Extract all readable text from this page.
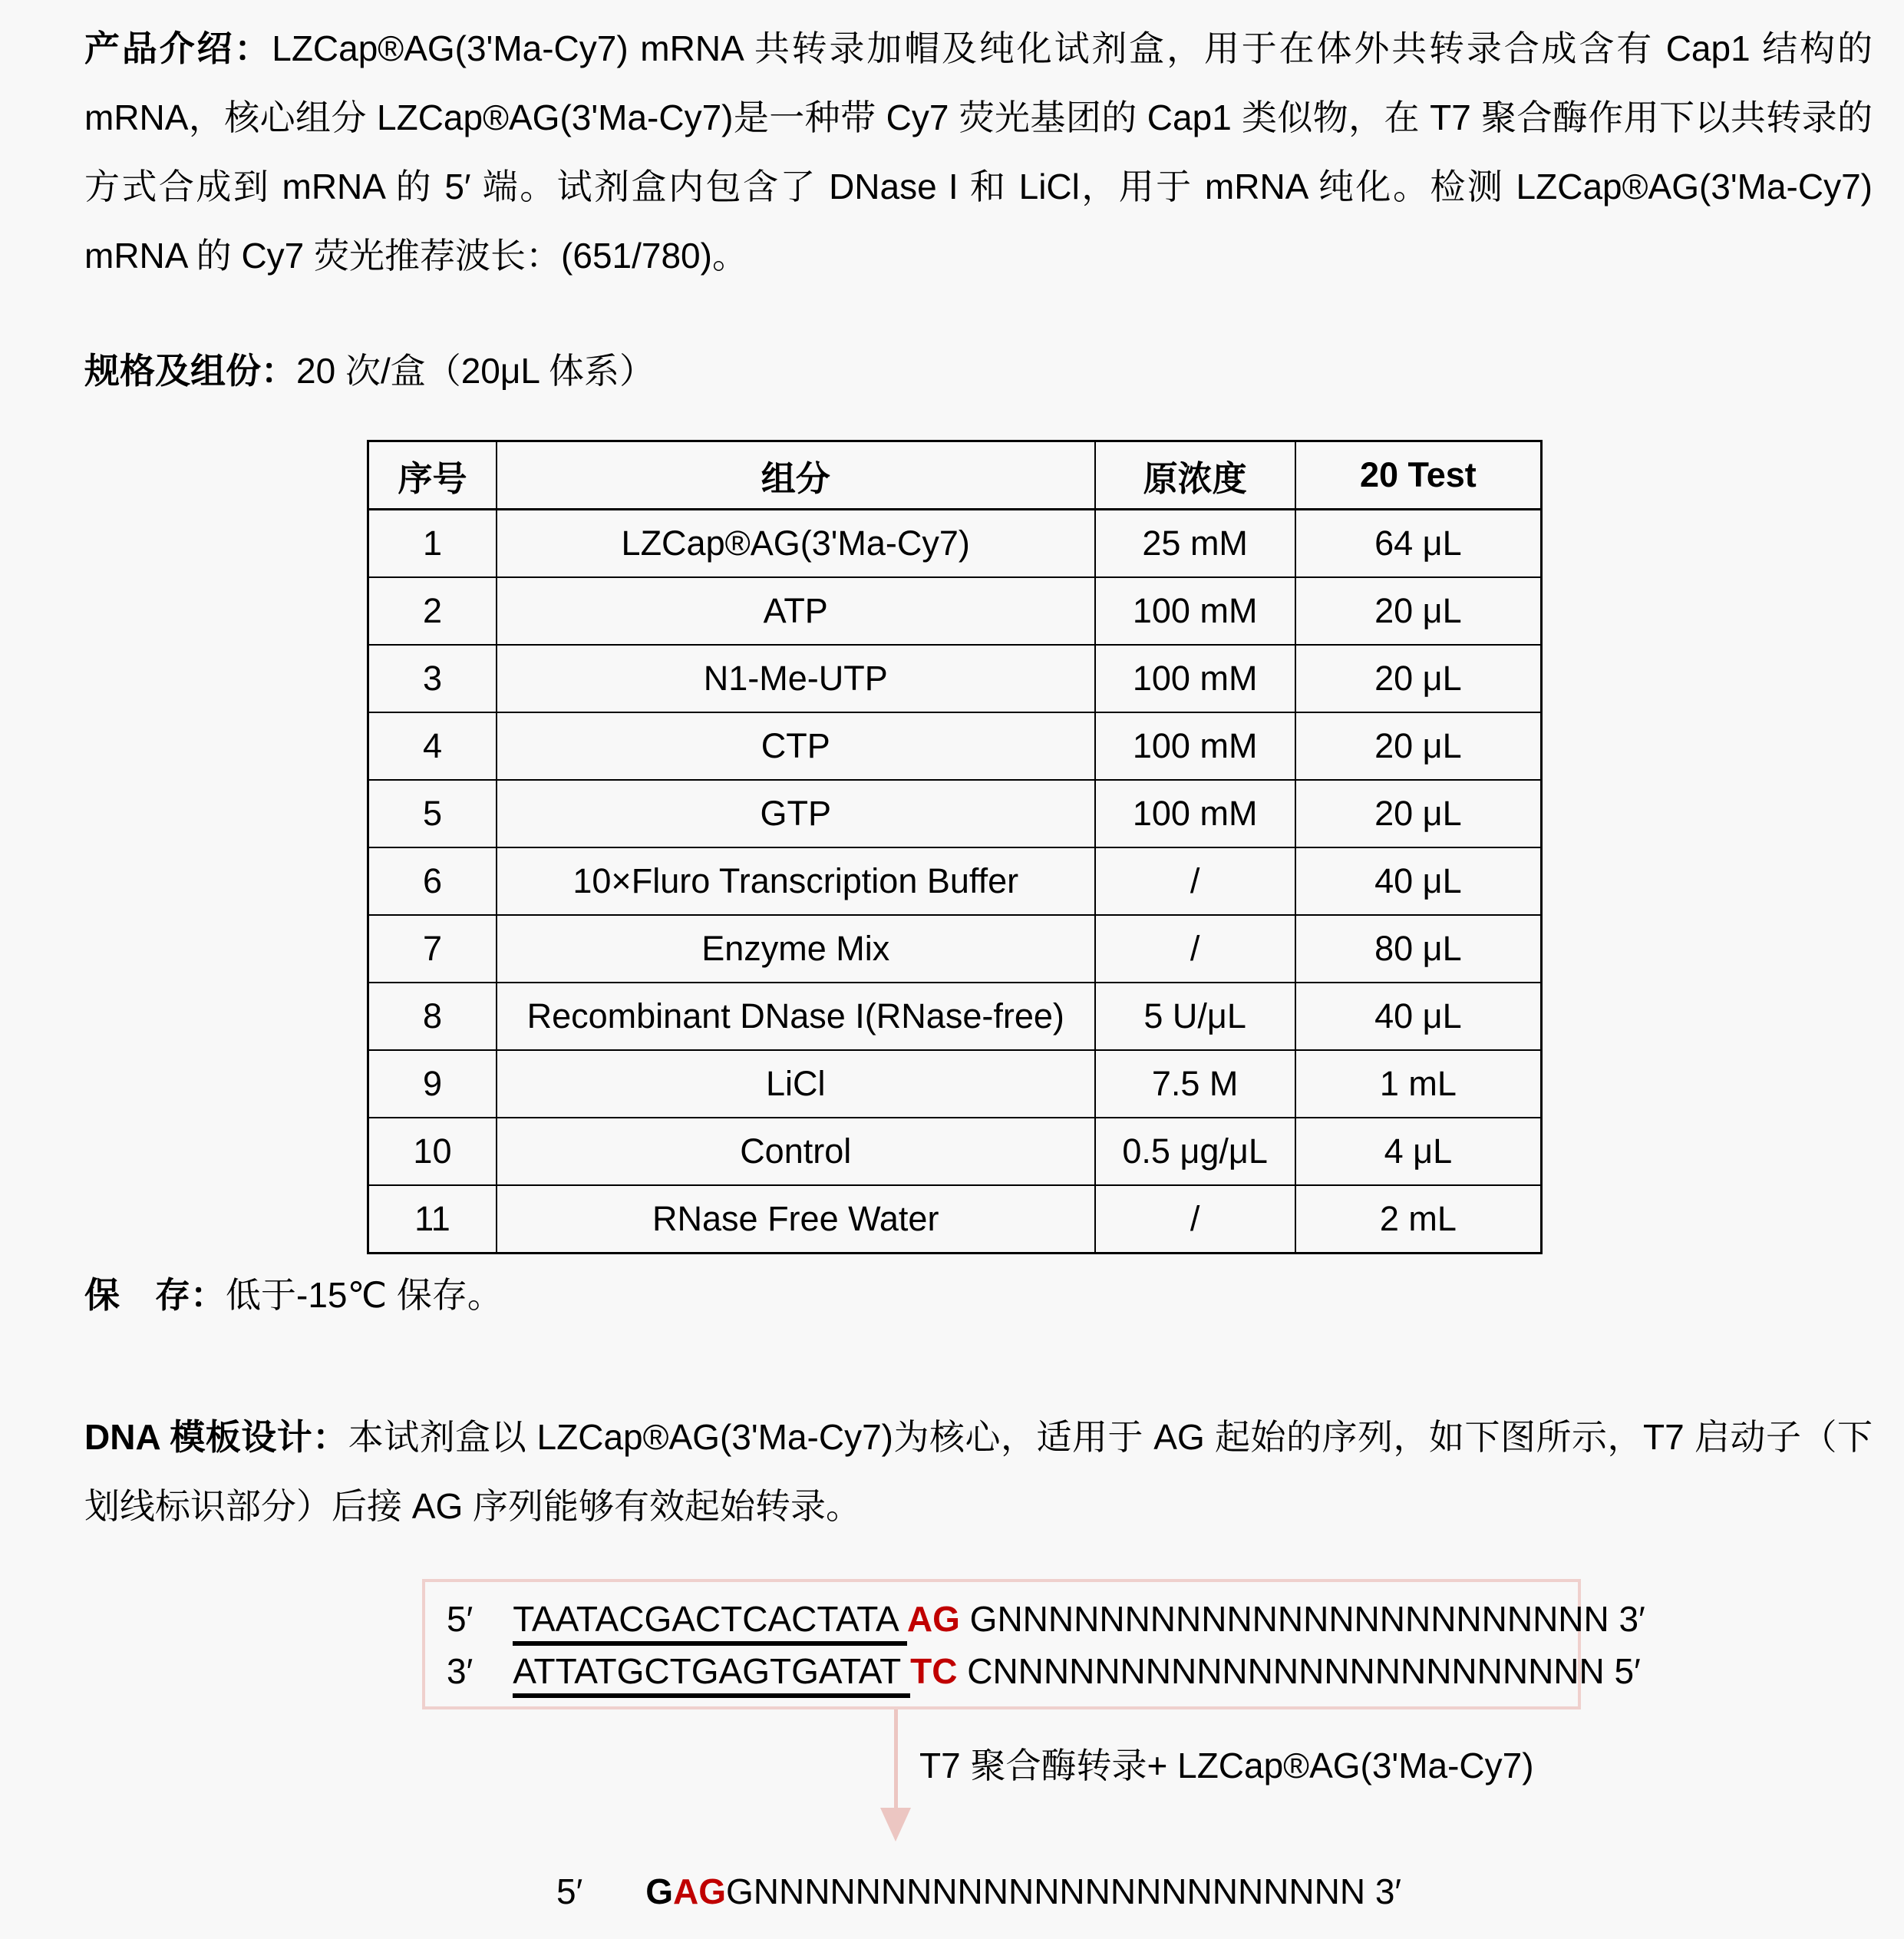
产品介绍：LZCap®AG(3'Ma-Cy7) mRNA 共转录加帽及纯化试剂盒，用于在体外共转录合成含有 Cap1 结构的 mRNA，核心组分 LZCap®AG(3'Ma-Cy7)是一种带 Cy7 荧光基团的 Cap1 类似物，在 T7 聚合酶作用下以共转录的方式合成到 mRNA 的 5′ 端。试剂盒内包含了 DNase I 和 LiCl，用于 mRNA 纯化。检测 LZCap®AG(3'Ma-Cy7) mRNA 的 Cy7 荧光推荐波长：(651/780)。

规格及组份：20 次/盒（20μL 体系）

序号	组分	原浓度	20 Test
1	LZCap®AG(3'Ma-Cy7)	25 mM	64 μL
2	ATP	100 mM	20 μL
3	N1-Me-UTP	100 mM	20 μL
4	CTP	100 mM	20 μL
5	GTP	100 mM	20 μL
6	10×Fluro Transcription Buffer	/	40 μL
7	Enzyme Mix	/	80 μL
8	Recombinant DNase I(RNase-free)	5 U/μL	40 μL
9	LiCl	7.5 M	1 mL
10	Control	0.5 μg/μL	4 μL
11	RNase Free Water	/	2 mL

保　存：低于-15℃ 保存。

DNA 模板设计：本试剂盒以 LZCap®AG(3'Ma-Cy7)为核心，适用于 AG 起始的序列，如下图所示，T7 启动子（下划线标识部分）后接 AG 序列能够有效起始转录。

5′ TAATACGACTCACTATA AG GNNNNNNNNNNNNNNNNNNNNNNNN 3′
3′ ATTATGCTGAGTGATAT TC CNNNNNNNNNNNNNNNNNNNNNNNN 5′
T7 聚合酶转录+ LZCap®AG(3'Ma-Cy7)
5′ GAGGNNNNNNNNNNNNNNNNNNNNNNNN 3′
